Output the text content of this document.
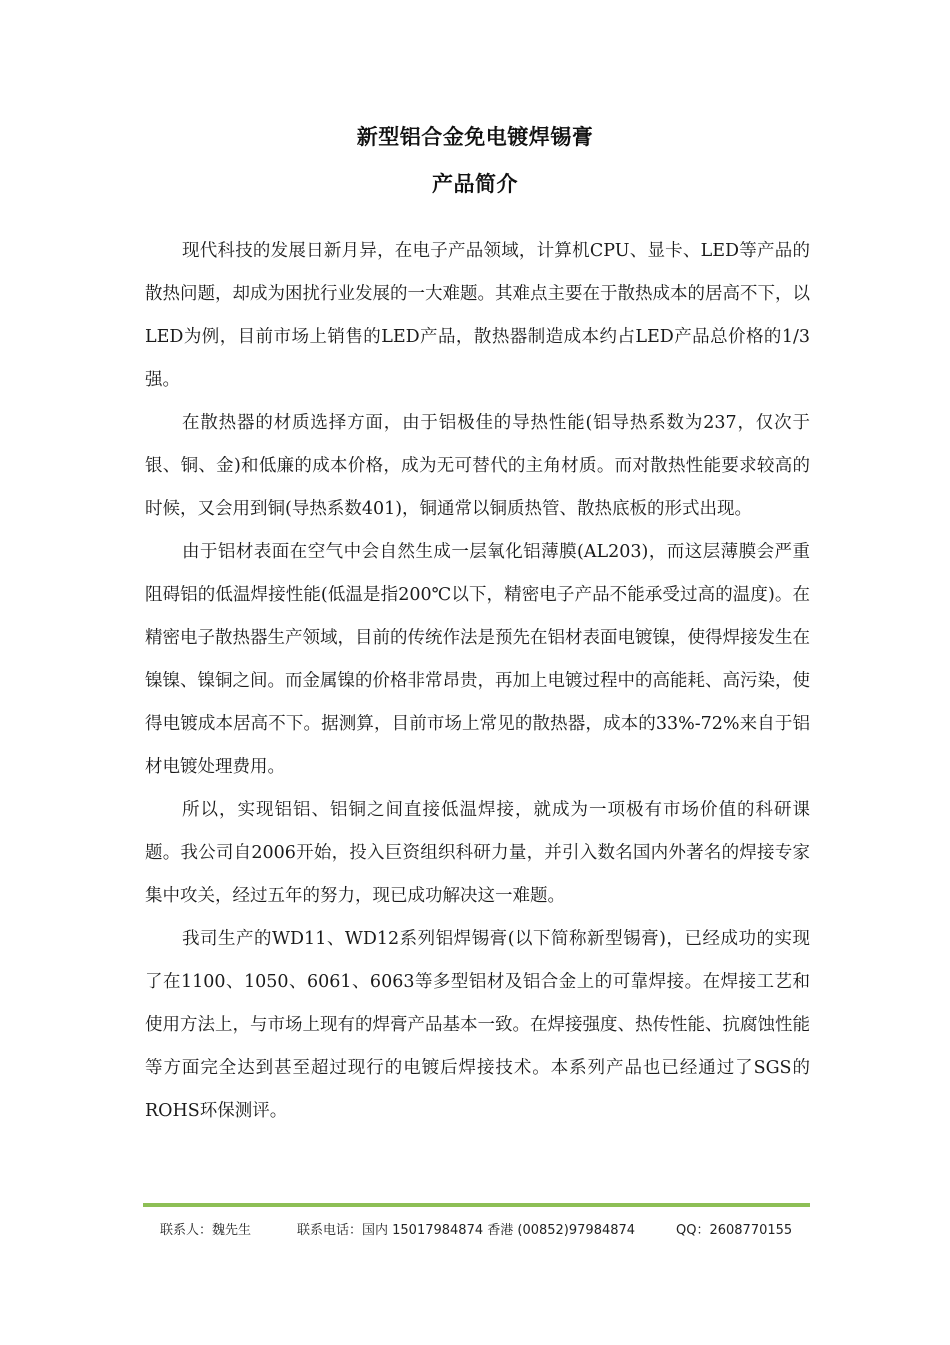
新型铝合金免电镀焊锡膏
产品简介

现代科技的发展日新月异，在电子产品领域，计算机CPU、显卡、LED等产品的散热问题，却成为困扰行业发展的一大难题。其难点主要在于散热成本的居高不下，以LED为例，目前市场上销售的LED产品，散热器制造成本约占LED产品总价格的1/3强。

在散热器的材质选择方面，由于铝极佳的导热性能(铝导热系数为237，仅次于银、铜、金)和低廉的成本价格，成为无可替代的主角材质。而对散热性能要求较高的时候，又会用到铜(导热系数401)，铜通常以铜质热管、散热底板的形式出现。

由于铝材表面在空气中会自然生成一层氧化铝薄膜(AL203)，而这层薄膜会严重阻碍铝的低温焊接性能(低温是指200℃以下，精密电子产品不能承受过高的温度)。在精密电子散热器生产领域，目前的传统作法是预先在铝材表面电镀镍，使得焊接发生在镍镍、镍铜之间。而金属镍的价格非常昂贵，再加上电镀过程中的高能耗、高污染，使得电镀成本居高不下。据测算，目前市场上常见的散热器，成本的33%-72%来自于铝材电镀处理费用。

所以，实现铝铝、铝铜之间直接低温焊接，就成为一项极有市场价值的科研课题。我公司自2006开始，投入巨资组织科研力量，并引入数名国内外著名的焊接专家集中攻关，经过五年的努力，现已成功解决这一难题。

我司生产的WD11、WD12系列铝焊锡膏(以下简称新型锡膏)，已经成功的实现了在1100、1050、6061、6063等多型铝材及铝合金上的可靠焊接。在焊接工艺和使用方法上，与市场上现有的焊膏产品基本一致。在焊接强度、热传性能、抗腐蚀性能等方面完全达到甚至超过现行的电镀后焊接技术。本系列产品也已经通过了SGS的ROHS环保测评。

联系人：魏先生	联系电话：国内 15017984874 香港 (00852)97984874	QQ：2608770155
